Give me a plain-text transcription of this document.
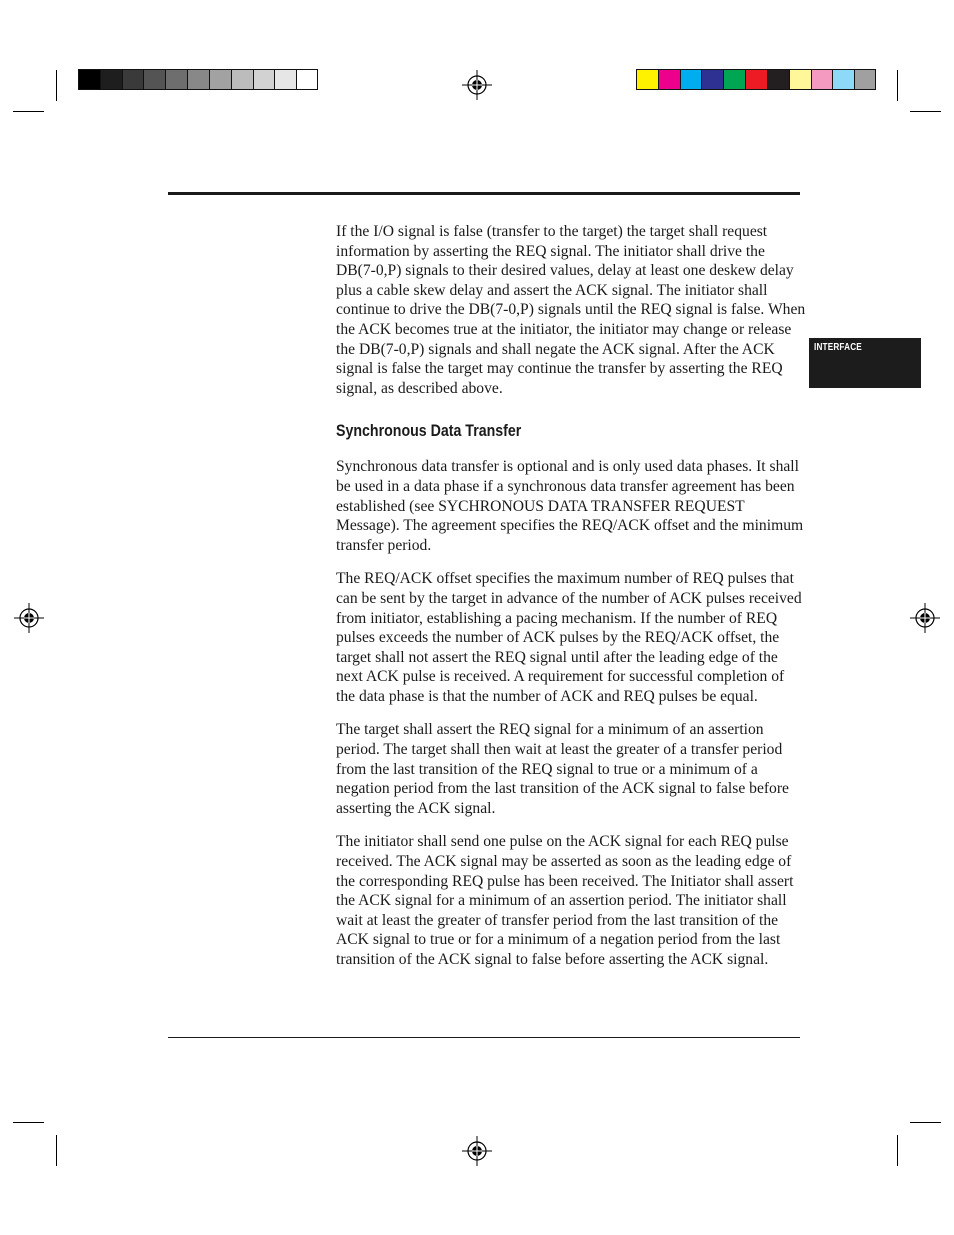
INTERFACE

If the I/O signal is false (transfer to the target) the target shall request information by asserting the REQ signal. The initiator shall drive the DB(7-0,P) signals to their desired values, delay at least one deskew delay plus a cable skew delay and assert the ACK signal. The initiator shall continue to drive the DB(7-0,P) signals until the REQ signal is false. When the ACK becomes true at the initiator, the initiator may change or release the DB(7-0,P) signals and shall negate the ACK signal. After the ACK signal is false the target may continue the transfer by asserting the REQ signal, as described above.

Synchronous Data Transfer

Synchronous data transfer is optional and is only used data phases. It shall be used in a data phase if a synchronous data transfer agreement has been established (see SYCHRONOUS DATA TRANSFER REQUEST Message). The agreement specifies the REQ/ACK offset and the minimum transfer period.

The REQ/ACK offset specifies the maximum number of REQ pulses that can be sent by the target in advance of the number of ACK pulses received from initiator, establishing a pacing mechanism. If the number of REQ pulses exceeds the number of ACK pulses by the REQ/ACK offset, the target shall not assert the REQ signal until after the leading edge of the next ACK pulse is received. A requirement for successful completion of the data phase is that the number of ACK and REQ pulses be equal.

The target shall assert the REQ signal for a minimum of an assertion period. The target shall then wait at least the greater of a transfer period from the last transition of the REQ signal to true or a minimum of a negation period from the last transition of the ACK signal to false before asserting the ACK signal.

The initiator shall send one pulse on the ACK signal for each REQ pulse received. The ACK signal may be asserted as soon as the leading edge of the corresponding REQ pulse has been received. The Initiator shall assert the ACK signal for a minimum of an assertion period. The initiator shall wait at least the greater of transfer period from the last transition of the ACK signal to true or for a minimum of a negation period from the last transition of the ACK signal to false before asserting the ACK signal.
